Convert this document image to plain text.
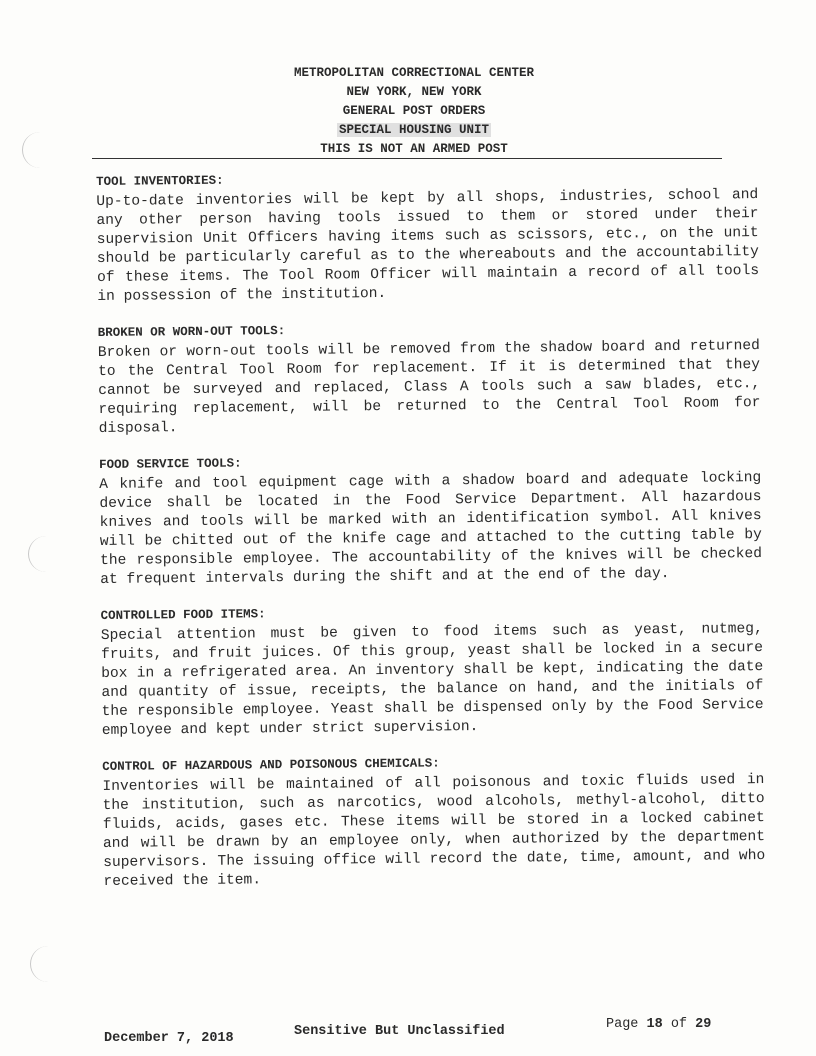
METROPOLITAN CORRECTIONAL CENTER
NEW YORK, NEW YORK
GENERAL POST ORDERS
SPECIAL HOUSING UNIT
THIS IS NOT AN ARMED POST
TOOL INVENTORIES:

Up-to-date inventories will be kept by all shops, industries, school and any other person having tools issued to them or stored under their supervision Unit Officers having items such as scissors, etc., on the unit should be particularly careful as to the whereabouts and the accountability of these items. The Tool Room Officer will maintain a record of all tools in possession of the institution.

BROKEN OR WORN-OUT TOOLS:

Broken or worn-out tools will be removed from the shadow board and returned to the Central Tool Room for replacement. If it is determined that they cannot be surveyed and replaced, Class A tools such a saw blades, etc., requiring replacement, will be returned to the Central Tool Room for disposal.

FOOD SERVICE TOOLS:

A knife and tool equipment cage with a shadow board and adequate locking device shall be located in the Food Service Department. All hazardous knives and tools will be marked with an identification symbol. All knives will be chitted out of the knife cage and attached to the cutting table by the responsible employee. The accountability of the knives will be checked at frequent intervals during the shift and at the end of the day.

CONTROLLED FOOD ITEMS:

Special attention must be given to food items such as yeast, nutmeg, fruits, and fruit juices. Of this group, yeast shall be locked in a secure box in a refrigerated area. An inventory shall be kept, indicating the date and quantity of issue, receipts, the balance on hand, and the initials of the responsible employee. Yeast shall be dispensed only by the Food Service employee and kept under strict supervision.

CONTROL OF HAZARDOUS AND POISONOUS CHEMICALS:

Inventories will be maintained of all poisonous and toxic fluids used in the institution, such as narcotics, wood alcohols, methyl-alcohol, ditto fluids, acids, gases etc. These items will be stored in a locked cabinet and will be drawn by an employee only, when authorized by the department supervisors. The issuing office will record the date, time, amount, and who received the item.

December 7, 2018	Sensitive But Unclassified	Page 18 of 29
